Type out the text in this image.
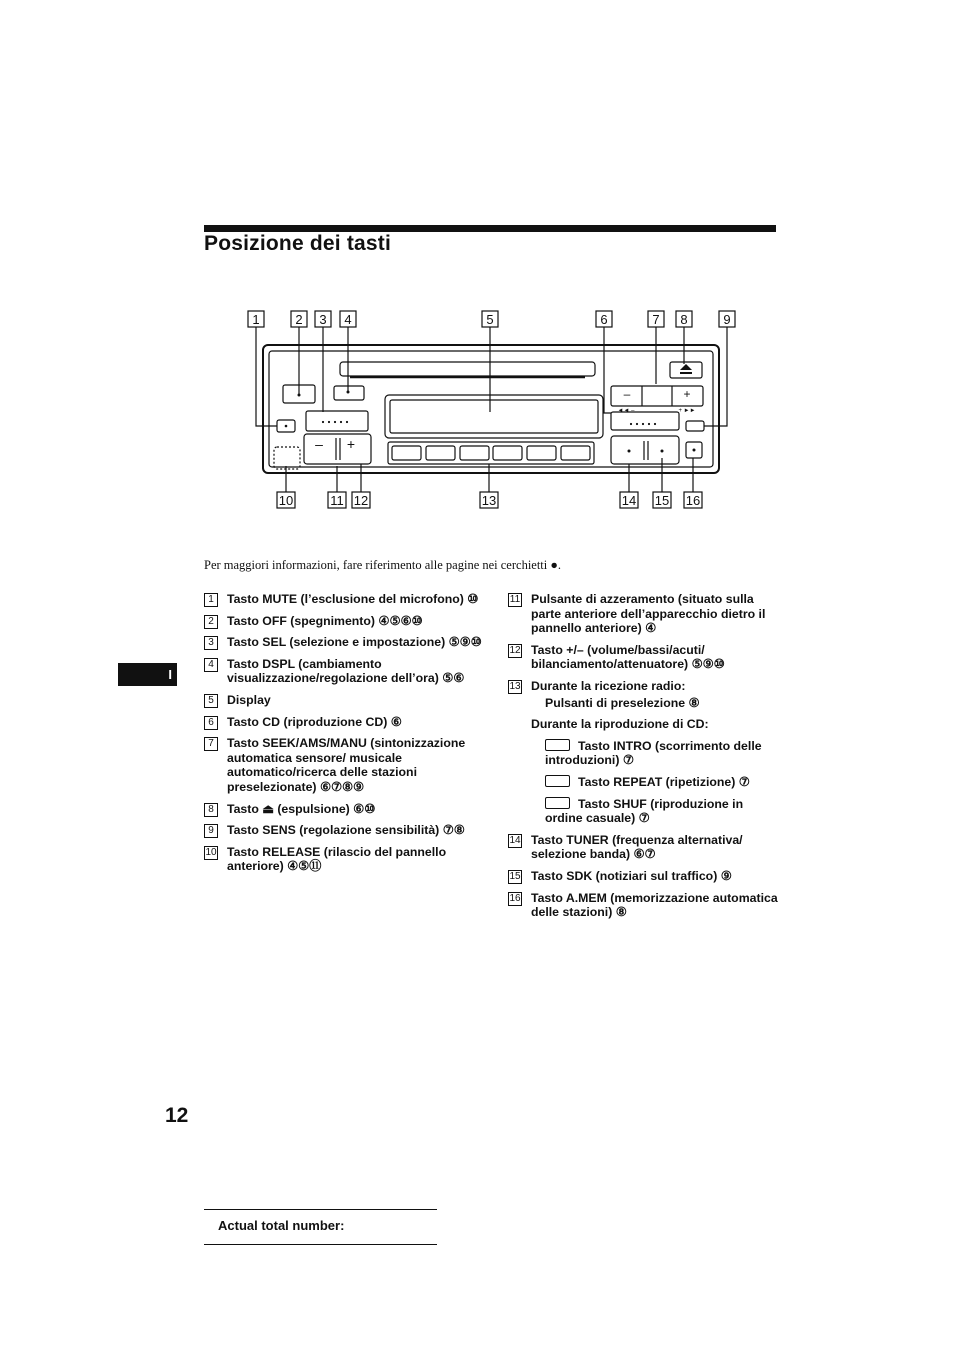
Posizione dei tasti
1	2 3 4	5	6	7 8	9
10	11 12	13	14 15 16
– +
–	+
◄◄ –	+ ►►
Per maggiori informazioni, fare riferimento alle pagine nei cerchietti ●.
I
1	Tasto MUTE (l’esclusione del microfono) ⑩
2	Tasto OFF (spegnimento) ④⑤⑥⑩
3	Tasto SEL (selezione e impostazione) ⑤⑨⑩
4	Tasto DSPL (cambiamento visualizzazione/regolazione dell’ora) ⑤⑥
5	Display
6	Tasto CD (riproduzione CD) ⑥
7	Tasto SEEK/AMS/MANU (sintonizzazione automatica sensore/ musicale automatico/ricerca delle stazioni preselezionate) ⑥⑦⑧⑨
8	Tasto ⏏ (espulsione) ⑥⑩
9	Tasto SENS (regolazione sensibilità) ⑦⑧
10 Tasto RELEASE (rilascio del pannello anteriore) ④⑤⑪
11 Pulsante di azzeramento (situato sulla parte anteriore dell’apparecchio dietro il pannello anteriore) ④
12 Tasto +/– (volume/bassi/acuti/ bilanciamento/attenuatore) ⑤⑨⑩
13 Durante la ricezione radio:
Pulsanti di preselezione ⑧
Durante la riproduzione di CD:
Tasto INTRO (scorrimento delle introduzioni) ⑦
Tasto REPEAT (ripetizione) ⑦
Tasto SHUF (riproduzione in ordine casuale) ⑦
14 Tasto TUNER (frequenza alternativa/ selezione banda) ⑥⑦
15 Tasto SDK (notiziari sul traffico) ⑨
16 Tasto A.MEM (memorizzazione automatica delle stazioni) ⑧
12
Actual total number:
